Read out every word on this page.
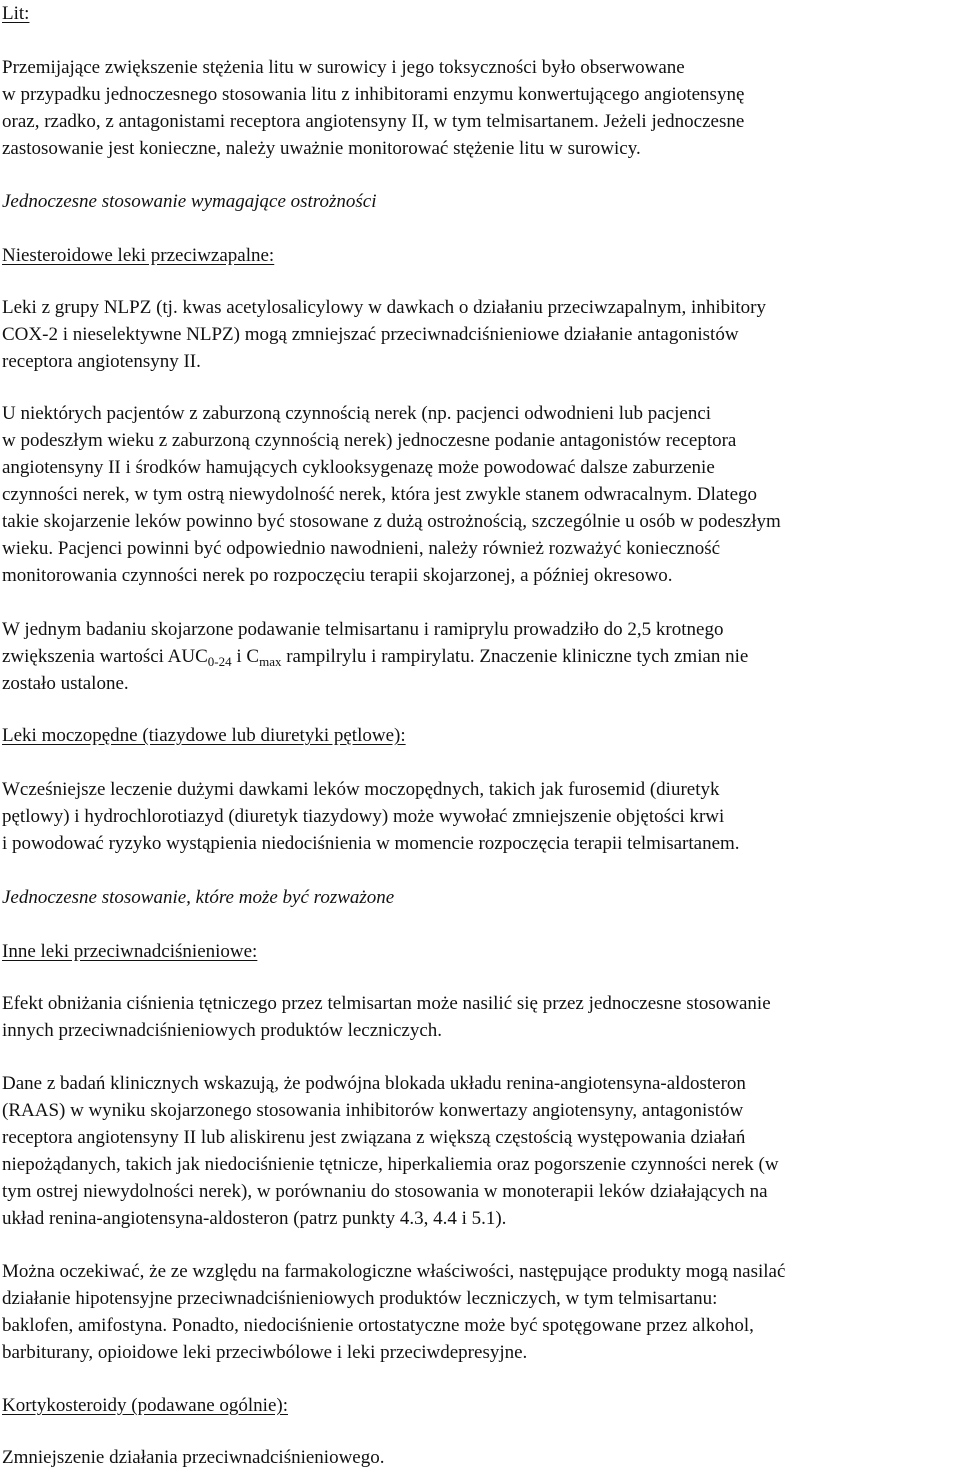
Lit:

Przemijające zwiększenie stężenia litu w surowicy i jego toksyczności było obserwowane

w przypadku jednoczesnego stosowania litu z inhibitorami enzymu konwertującego angiotensynę

oraz, rzadko, z antagonistami receptora angiotensyny II, w tym telmisartanem. Jeżeli jednoczesne

zastosowanie jest konieczne, należy uważnie monitorować stężenie litu w surowicy.

Jednoczesne stosowanie wymagające ostrożności

Niesteroidowe leki przeciwzapalne:

Leki z grupy NLPZ (tj. kwas acetylosalicylowy w dawkach o działaniu przeciwzapalnym, inhibitory

COX-2 i nieselektywne NLPZ) mogą zmniejszać przeciwnadciśnieniowe działanie antagonistów

receptora angiotensyny II.

U niektórych pacjentów z zaburzoną czynnością nerek (np. pacjenci odwodnieni lub pacjenci

w podeszłym wieku z zaburzoną czynnością nerek) jednoczesne podanie antagonistów receptora

angiotensyny II i środków hamujących cyklooksygenazę może powodować dalsze zaburzenie

czynności nerek, w tym ostrą niewydolność nerek, która jest zwykle stanem odwracalnym. Dlatego

takie skojarzenie leków powinno być stosowane z dużą ostrożnością, szczególnie u osób w podeszłym

wieku. Pacjenci powinni być odpowiednio nawodnieni, należy również rozważyć konieczność

monitorowania czynności nerek po rozpoczęciu terapii skojarzonej, a później okresowo.

W jednym badaniu skojarzone podawanie telmisartanu i ramiprylu prowadziło do 2,5 krotnego

zwiększenia wartości $AUC_{0-24}$ i $C_{max}$ rampilrylu i rampirylatu. Znaczenie kliniczne tych zmian nie

zostało ustalone.

Leki moczopędne (tiazydowe lub diuretyki pętlowe):

Wcześniejsze leczenie dużymi dawkami leków moczopędnych, takich jak furosemid (diuretyk

pętlowy) i hydrochlorotiazyd (diuretyk tiazydowy) może wywołać zmniejszenie objętości krwi

i powodować ryzyko wystąpienia niedociśnienia w momencie rozpoczęcia terapii telmisartanem.

Jednoczesne stosowanie, które może być rozważone

Inne leki przeciwnadciśnieniowe:

Efekt obniżania ciśnienia tętniczego przez telmisartan może nasilić się przez jednoczesne stosowanie

innych przeciwnadciśnieniowych produktów leczniczych.

Dane z badań klinicznych wskazują, że podwójna blokada układu renina-angiotensyna-aldosteron

(RAAS) w wyniku skojarzonego stosowania inhibitorów konwertazy angiotensyny, antagonistów

receptora angiotensyny II lub aliskirenu jest związana z większą częstością występowania działań

niepożądanych, takich jak niedociśnienie tętnicze, hiperkaliemia oraz pogorszenie czynności nerek (w

tym ostrej niewydolności nerek), w porównaniu do stosowania w monoterapii leków działających na

układ renina-angiotensyna-aldosteron (patrz punkty 4.3, 4.4 i 5.1).

Można oczekiwać, że ze względu na farmakologiczne właściwości, następujące produkty mogą nasilać

działanie hipotensyjne przeciwnadciśnieniowych produktów leczniczych, w tym telmisartanu:

baklofen, amifostyna. Ponadto, niedociśnienie ortostatyczne może być spotęgowane przez alkohol,

barbiturany, opioidowe leki przeciwbólowe i leki przeciwdepresyjne.

Kortykosteroidy (podawane ogólnie):

Zmniejszenie działania przeciwnadciśnieniowego.
